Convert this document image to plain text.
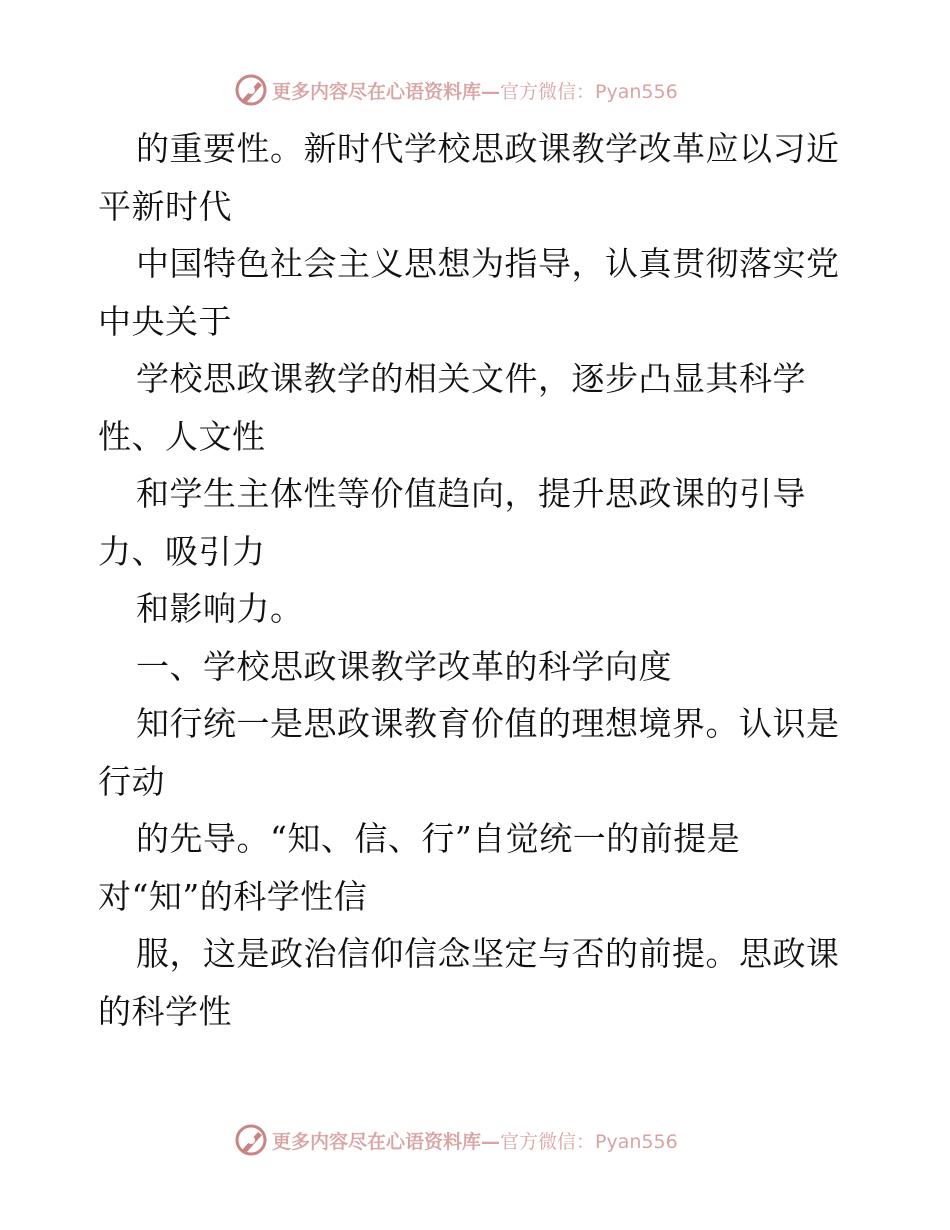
更多内容尽在心语资料库— 官方微信：Pyan556
的重要性。新时代学校思政课教学改革应以习近
平新时代
中国特色社会主义思想为指导，认真贯彻落实党
中央关于
学校思政课教学的相关文件，逐步凸显其科学
性、人文性
和学生主体性等价值趋向，提升思政课的引导
力、吸引力
和影响力。
一、学校思政课教学改革的科学向度
知行统一是思政课教育价值的理想境界。认识是
行动
的先导。“知、信、行”自觉统一的前提是
对“知”的科学性信
服，这是政治信仰信念坚定与否的前提。思政课
的科学性
更多内容尽在心语资料库— 官方微信：Pyan556
